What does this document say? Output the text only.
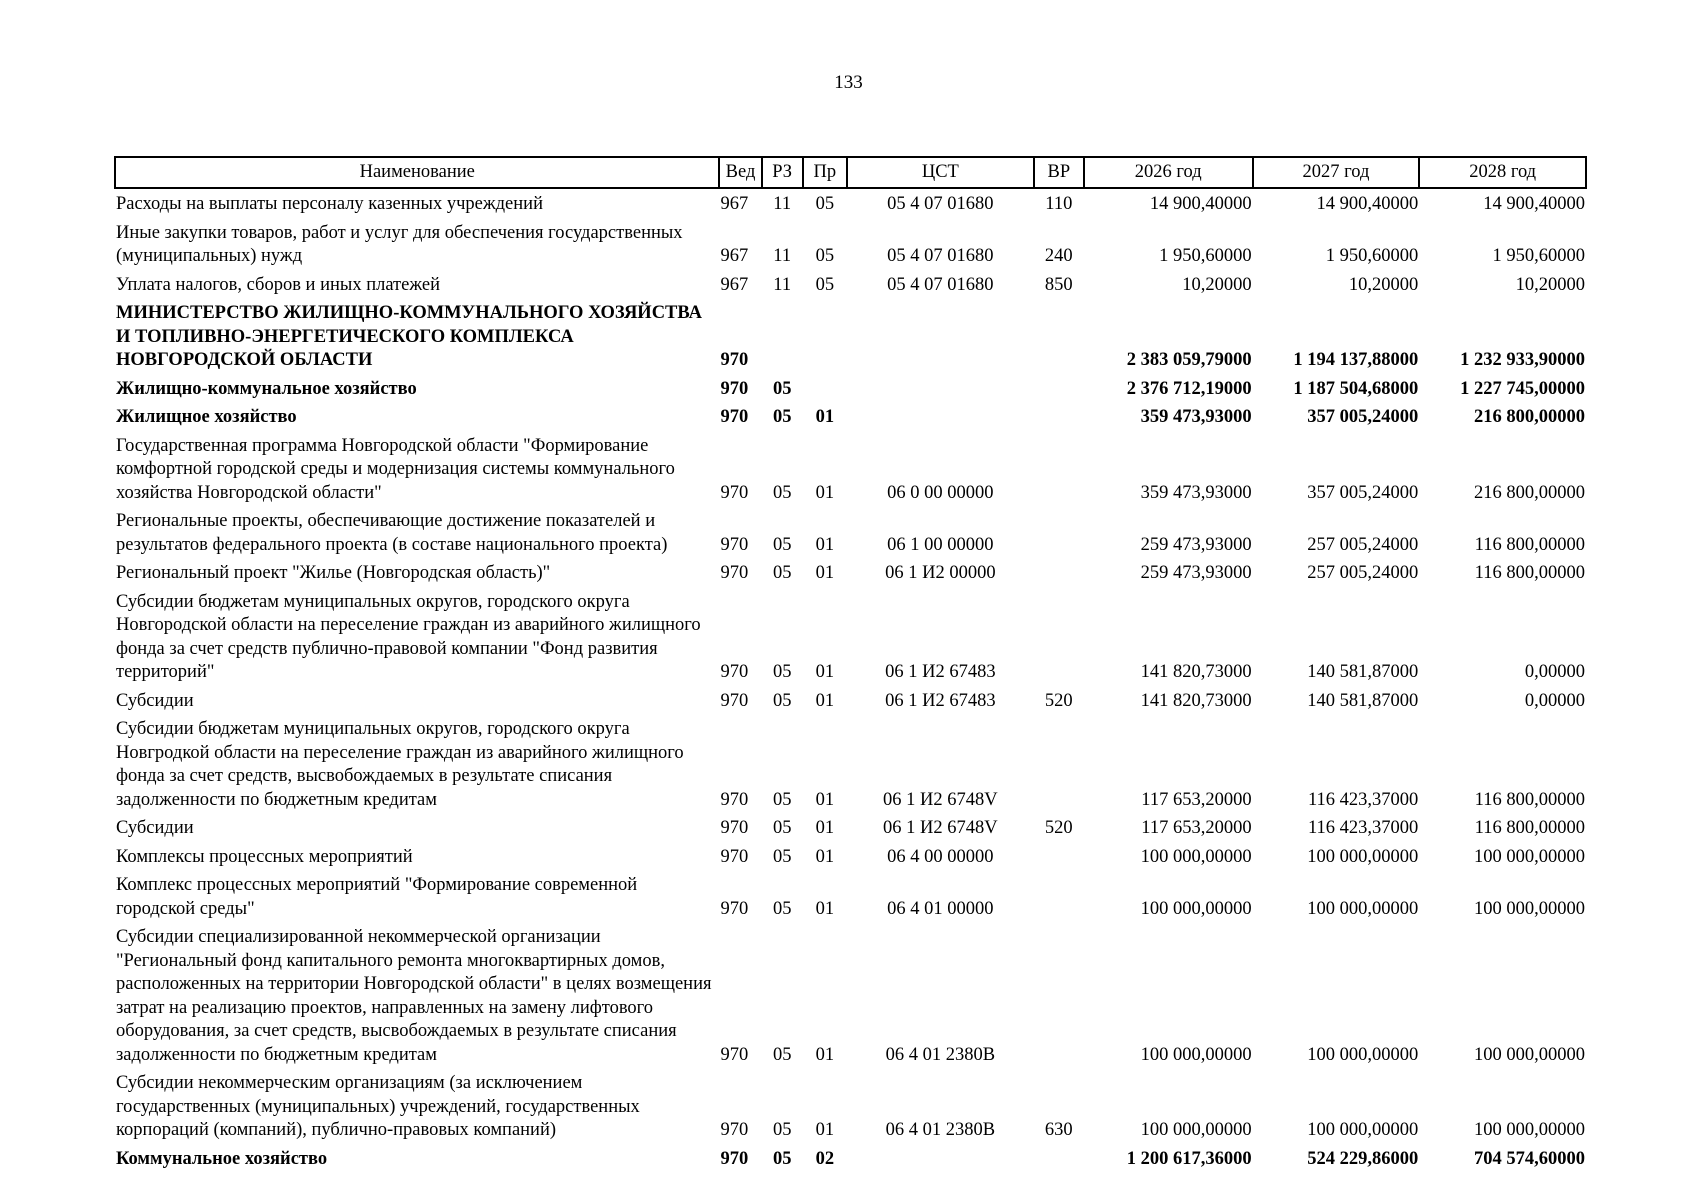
133
Наименование	Вед	РЗ	Пр	ЦСТ	ВР	2026 год	2027 год	2028 год
Расходы на выплаты персоналу казенных учреждений	967	11	05	05 4 07 01680	110	14 900,40000	14 900,40000	14 900,40000
Иные закупки товаров, работ и услуг для обеспечения государственных (муниципальных) нужд	967	11	05	05 4 07 01680	240	1 950,60000	1 950,60000	1 950,60000
Уплата налогов, сборов и иных платежей	967	11	05	05 4 07 01680	850	10,20000	10,20000	10,20000
МИНИСТЕРСТВО ЖИЛИЩНО-КОММУНАЛЬНОГО ХОЗЯЙСТВА И ТОПЛИВНО-ЭНЕРГЕТИЧЕСКОГО КОМПЛЕКСА НОВГОРОДСКОЙ ОБЛАСТИ	970					2 383 059,79000	1 194 137,88000	1 232 933,90000
Жилищно-коммунальное хозяйство	970	05				2 376 712,19000	1 187 504,68000	1 227 745,00000
Жилищное хозяйство	970	05	01			359 473,93000	357 005,24000	216 800,00000
Государственная программа Новгородской области "Формирование комфортной городской среды и модернизация системы коммунального хозяйства Новгородской области"	970	05	01	06 0 00 00000		359 473,93000	357 005,24000	216 800,00000
Региональные проекты, обеспечивающие достижение показателей и результатов федерального проекта (в составе национального проекта)	970	05	01	06 1 00 00000		259 473,93000	257 005,24000	116 800,00000
Региональный проект "Жилье (Новгородская область)"	970	05	01	06 1 И2 00000		259 473,93000	257 005,24000	116 800,00000
Субсидии бюджетам муниципальных округов, городского округа Новгородской области на переселение граждан из аварийного жилищного фонда за счет средств публично-правовой компании "Фонд развития территорий"	970	05	01	06 1 И2 67483		141 820,73000	140 581,87000	0,00000
Субсидии	970	05	01	06 1 И2 67483	520	141 820,73000	140 581,87000	0,00000
Субсидии бюджетам муниципальных округов, городского округа Новгродкой области на переселение граждан из аварийного жилищного фонда за счет средств, высвобождаемых в результате списания задолженности по бюджетным кредитам	970	05	01	06 1 И2 6748V		117 653,20000	116 423,37000	116 800,00000
Субсидии	970	05	01	06 1 И2 6748V	520	117 653,20000	116 423,37000	116 800,00000
Комплексы процессных мероприятий	970	05	01	06 4 00 00000		100 000,00000	100 000,00000	100 000,00000
Комплекс процессных мероприятий "Формирование современной городской среды"	970	05	01	06 4 01 00000		100 000,00000	100 000,00000	100 000,00000
Субсидии специализированной некоммерческой организации "Региональный фонд капитального ремонта многоквартирных домов, расположенных на территории Новгородской области" в целях возмещения затрат на реализацию проектов, направленных на замену лифтового оборудования, за счет средств, высвобождаемых в результате списания задолженности по бюджетным кредитам	970	05	01	06 4 01 2380В		100 000,00000	100 000,00000	100 000,00000
Субсидии некоммерческим организациям (за исключением государственных (муниципальных) учреждений, государственных корпораций (компаний), публично-правовых компаний)	970	05	01	06 4 01 2380В	630	100 000,00000	100 000,00000	100 000,00000
Коммунальное хозяйство	970	05	02			1 200 617,36000	524 229,86000	704 574,60000
